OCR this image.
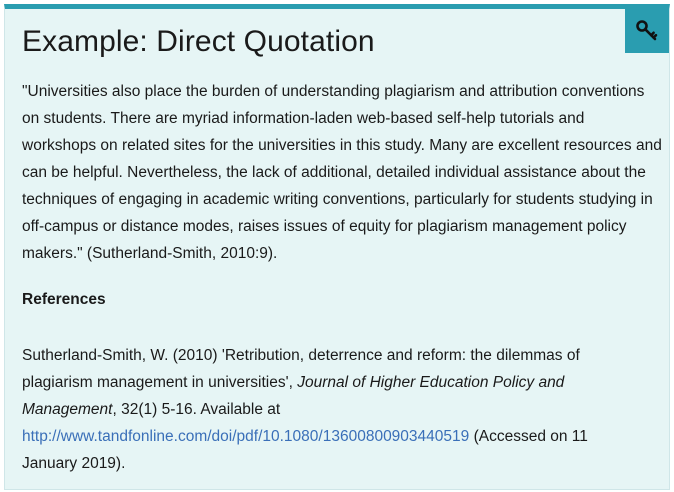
Example: Direct Quotation

"Universities also place the burden of understanding plagiarism and attribution conventions on students. There are myriad information-laden web-based self-help tutorials and workshops on related sites for the universities in this study. Many are excellent resources and can be helpful. Nevertheless, the lack of additional, detailed individual assistance about the techniques of engaging in academic writing conventions, particularly for students studying in off-campus or distance modes, raises issues of equity for plagiarism management policy makers." (Sutherland-Smith, 2010:9).

References

Sutherland-Smith, W. (2010) 'Retribution, deterrence and reform: the dilemmas of plagiarism management in universities', Journal of Higher Education Policy and Management, 32(1) 5-16. Available at http://www.tandfonline.com/doi/pdf/10.1080/13600800903440519 (Accessed on 11 January 2019).
